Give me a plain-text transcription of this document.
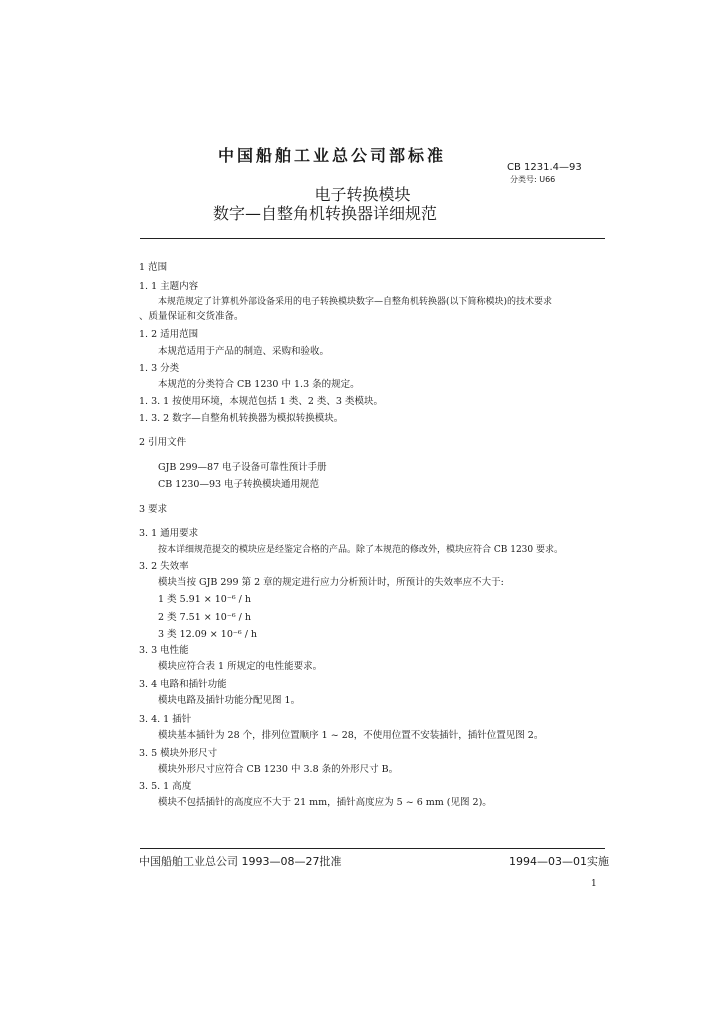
中国船舶工业总公司部标准
CB 1231.4—93
分类号: U66
电子转换模块
数字—自整角机转换器详细规范
1 范围
1. 1 主题内容
本规范规定了计算机外部设备采用的电子转换模块数字—自整角机转换器(以下简称模块)的技术要求
、质量保证和交货准备。
1. 2 适用范围
本规范适用于产品的制造、采购和验收。
1. 3 分类
本规范的分类符合 CB 1230 中 1.3 条的规定。
1. 3. 1 按使用环境，本规范包括 1 类、2 类、3 类模块。
1. 3. 2 数字—自整角机转换器为模拟转换模块。
2 引用文件
GJB 299—87 电子设备可靠性预计手册
CB 1230—93 电子转换模块通用规范
3 要求
3. 1 通用要求
按本详细规范提交的模块应是经鉴定合格的产品。除了本规范的修改外，模块应符合 CB 1230 要求。
3. 2 失效率
模块当按 GJB 299 第 2 章的规定进行应力分析预计时，所预计的失效率应不大于:
1 类 5.91 × 10⁻⁶ / h
2 类 7.51 × 10⁻⁶ / h
3 类 12.09 × 10⁻⁶ / h
3. 3 电性能
模块应符合表 1 所规定的电性能要求。
3. 4 电路和插针功能
模块电路及插针功能分配见图 1。
3. 4. 1 插针
模块基本插针为 28 个，排列位置顺序 1 ~ 28，不使用位置不安装插针，插针位置见图 2。
3. 5 模块外形尺寸
模块外形尺寸应符合 CB 1230 中 3.8 条的外形尺寸 B。
3. 5. 1 高度
模块不包括插针的高度应不大于 21 mm，插针高度应为 5 ~ 6 mm (见图 2)。
中国船舶工业总公司 1993—08—27批准	1994—03—01实施
1
